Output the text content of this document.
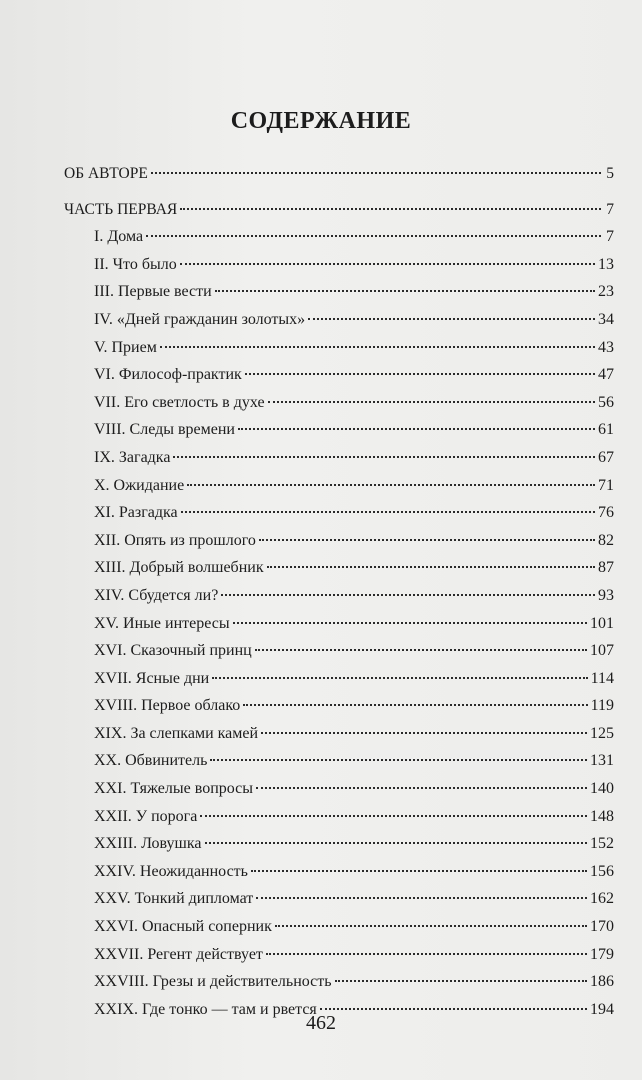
СОДЕРЖАНИЕ
ОБ АВТОРЕ	5
ЧАСТЬ ПЕРВАЯ	7
I. Дома	7
II. Что было	13
III. Первые вести	23
IV. «Дней гражданин золотых»	34
V. Прием	43
VI. Философ-практик	47
VII. Его светлость в духе	56
VIII. Следы времени	61
IX. Загадка	67
X. Ожидание	71
XI. Разгадка	76
XII. Опять из прошлого	82
XIII. Добрый волшебник	87
XIV. Сбудется ли?	93
XV. Иные интересы	101
XVI. Сказочный принц	107
XVII. Ясные дни	114
XVIII. Первое облако	119
XIX. За слепками камей	125
XX. Обвинитель	131
XXI. Тяжелые вопросы	140
XXII. У порога	148
XXIII. Ловушка	152
XXIV. Неожиданность	156
XXV. Тонкий дипломат	162
XXVI. Опасный соперник	170
XXVII. Регент действует	179
XXVIII. Грезы и действительность	186
XXIX. Где тонко — там и рвется	194
462
